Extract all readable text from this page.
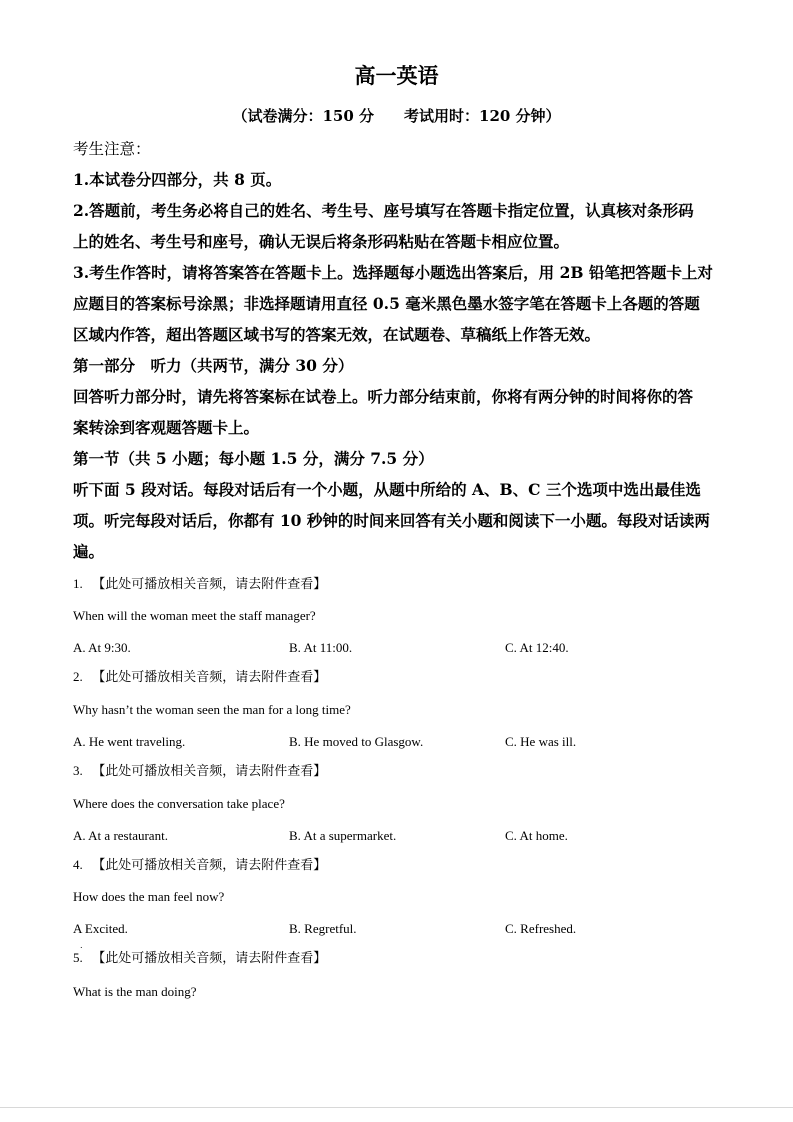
高一英语
（试卷满分：150 分 考试用时：120 分钟）
考生注意：
1.本试卷分四部分，共 8 页。
2.答题前，考生务必将自己的姓名、考生号、座号填写在答题卡指定位置，认真核对条形码
上的姓名、考生号和座号，确认无误后将条形码粘贴在答题卡相应位置。
3.考生作答时，请将答案答在答题卡上。选择题每小题选出答案后，用 2B 铅笔把答题卡上对
应题目的答案标号涂黑；非选择题请用直径 0.5 毫米黑色墨水签字笔在答题卡上各题的答题
区域内作答，超出答题区域书写的答案无效，在试题卷、草稿纸上作答无效。
第一部分　听力（共两节，满分 30 分）
回答听力部分时，请先将答案标在试卷上。听力部分结束前，你将有两分钟的时间将你的答
案转涂到客观题答题卡上。
第一节（共 5 小题；每小题 1.5 分，满分 7.5 分）
听下面 5 段对话。每段对话后有一个小题，从题中所给的 A、B、C 三个选项中选出最佳选
项。听完每段对话后，你都有 10 秒钟的时间来回答有关小题和阅读下一小题。每段对话读两
遍。
1. 【此处可播放相关音频，请去附件查看】
When will the woman meet the staff manager?
A. At 9:30.	B. At 11:00.	C. At 12:40.
2. 【此处可播放相关音频，请去附件查看】
Why hasn’t the woman seen the man for a long time?
A. He went traveling.	B. He moved to Glasgow.	C. He was ill.
3. 【此处可播放相关音频，请去附件查看】
Where does the conversation take place?
A. At a restaurant.	B. At a supermarket.	C. At home.
4. 【此处可播放相关音频，请去附件查看】
How does the man feel now?
A Excited.	B. Regretful.	C. Refreshed.
.
5. 【此处可播放相关音频，请去附件查看】
What is the man doing?
